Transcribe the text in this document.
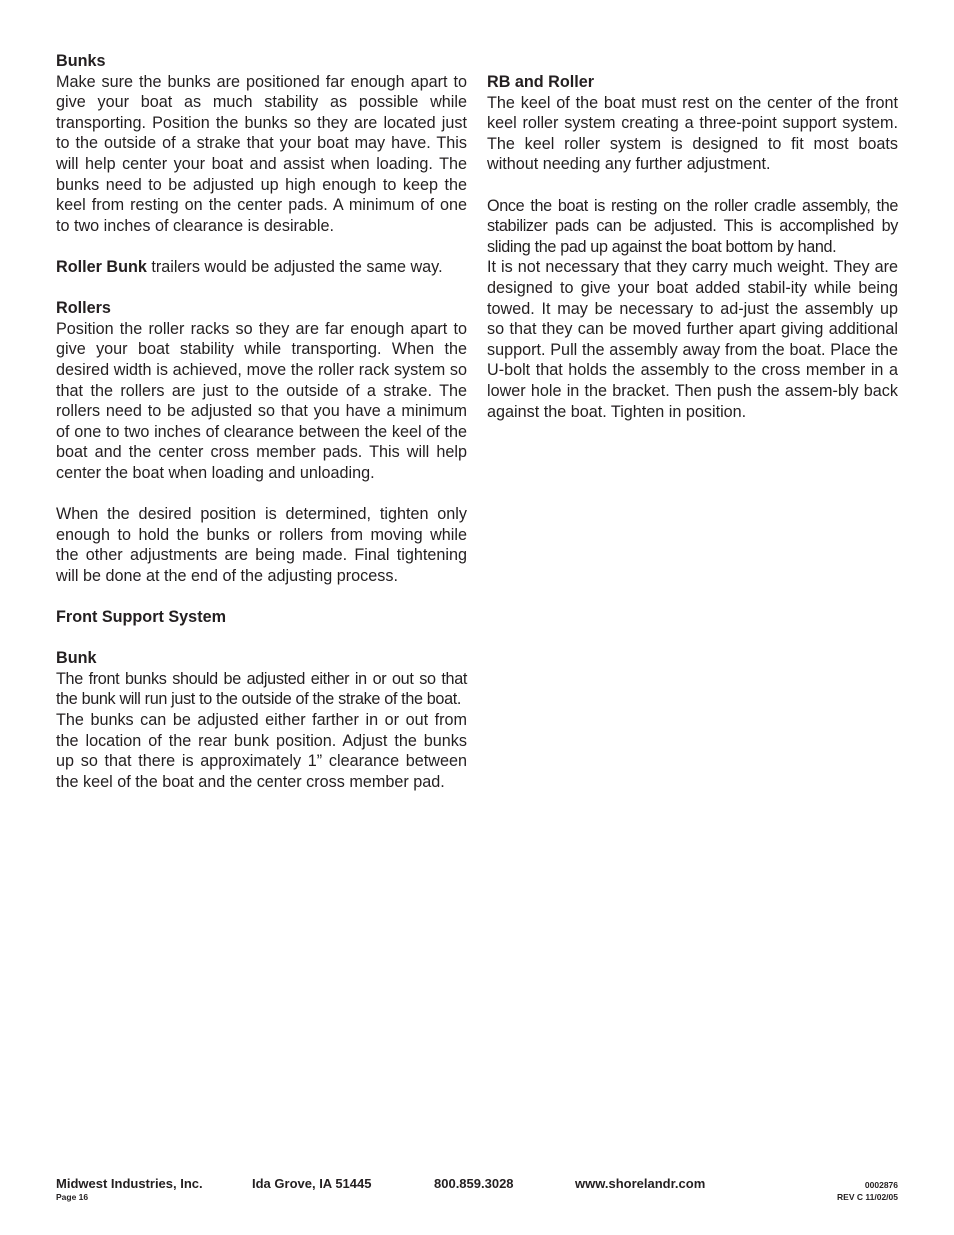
Bunks

Make sure the bunks are positioned far enough apart to give your boat as much stability as possible while transporting. Position the bunks so they are located just to the outside of a strake that your boat may have. This will help center your boat and assist when loading. The bunks need to be adjusted up high enough to keep the keel from resting on the center pads. A minimum of one to two inches of clearance is desirable.

Roller Bunk trailers would be adjusted the same way.

Rollers

Position the roller racks so they are far enough apart to give your boat stability while transporting. When the desired width is achieved, move the roller rack system so that the rollers are just to the outside of a strake. The rollers need to be adjusted so that you have a minimum of one to two inches of clearance between the keel of the boat and the center cross member pads. This will help center the boat when loading and unloading.

When the desired position is determined, tighten only enough to hold the bunks or rollers from moving while the other adjustments are being made. Final tightening will be done at the end of the adjusting process.

Front Support System
Bunk

The front bunks should be adjusted either in or out so that the bunk will run just to the outside of the strake of the boat.

The bunks can be adjusted either farther in or out from the location of the rear bunk position. Adjust the bunks up so that there is approximately 1” clearance between the keel of the boat and the center cross member pad.

RB and Roller

The keel of the boat must rest on the center of the front keel roller system creating a three-point support system. The keel roller system is designed to fit most boats without needing any further adjustment.

Once the boat is resting on the roller cradle assembly, the stabilizer pads can be adjusted. This is accomplished by sliding the pad up against the boat bottom by hand.

It is not necessary that they carry much weight. They are designed to give your boat added stabil-ity while being towed. It may be necessary to ad-just the assembly up so that they can be moved further apart giving additional support. Pull the assembly away from the boat. Place the U-bolt that holds the assembly to the cross member in a lower hole in the bracket. Then push the assem-bly back against the boat. Tighten in position.

Midwest Industries, Inc.	Ida Grove, IA 51445	800.859.3028	www.shorelandr.com	0002876
Page 16	REV C 11/02/05
